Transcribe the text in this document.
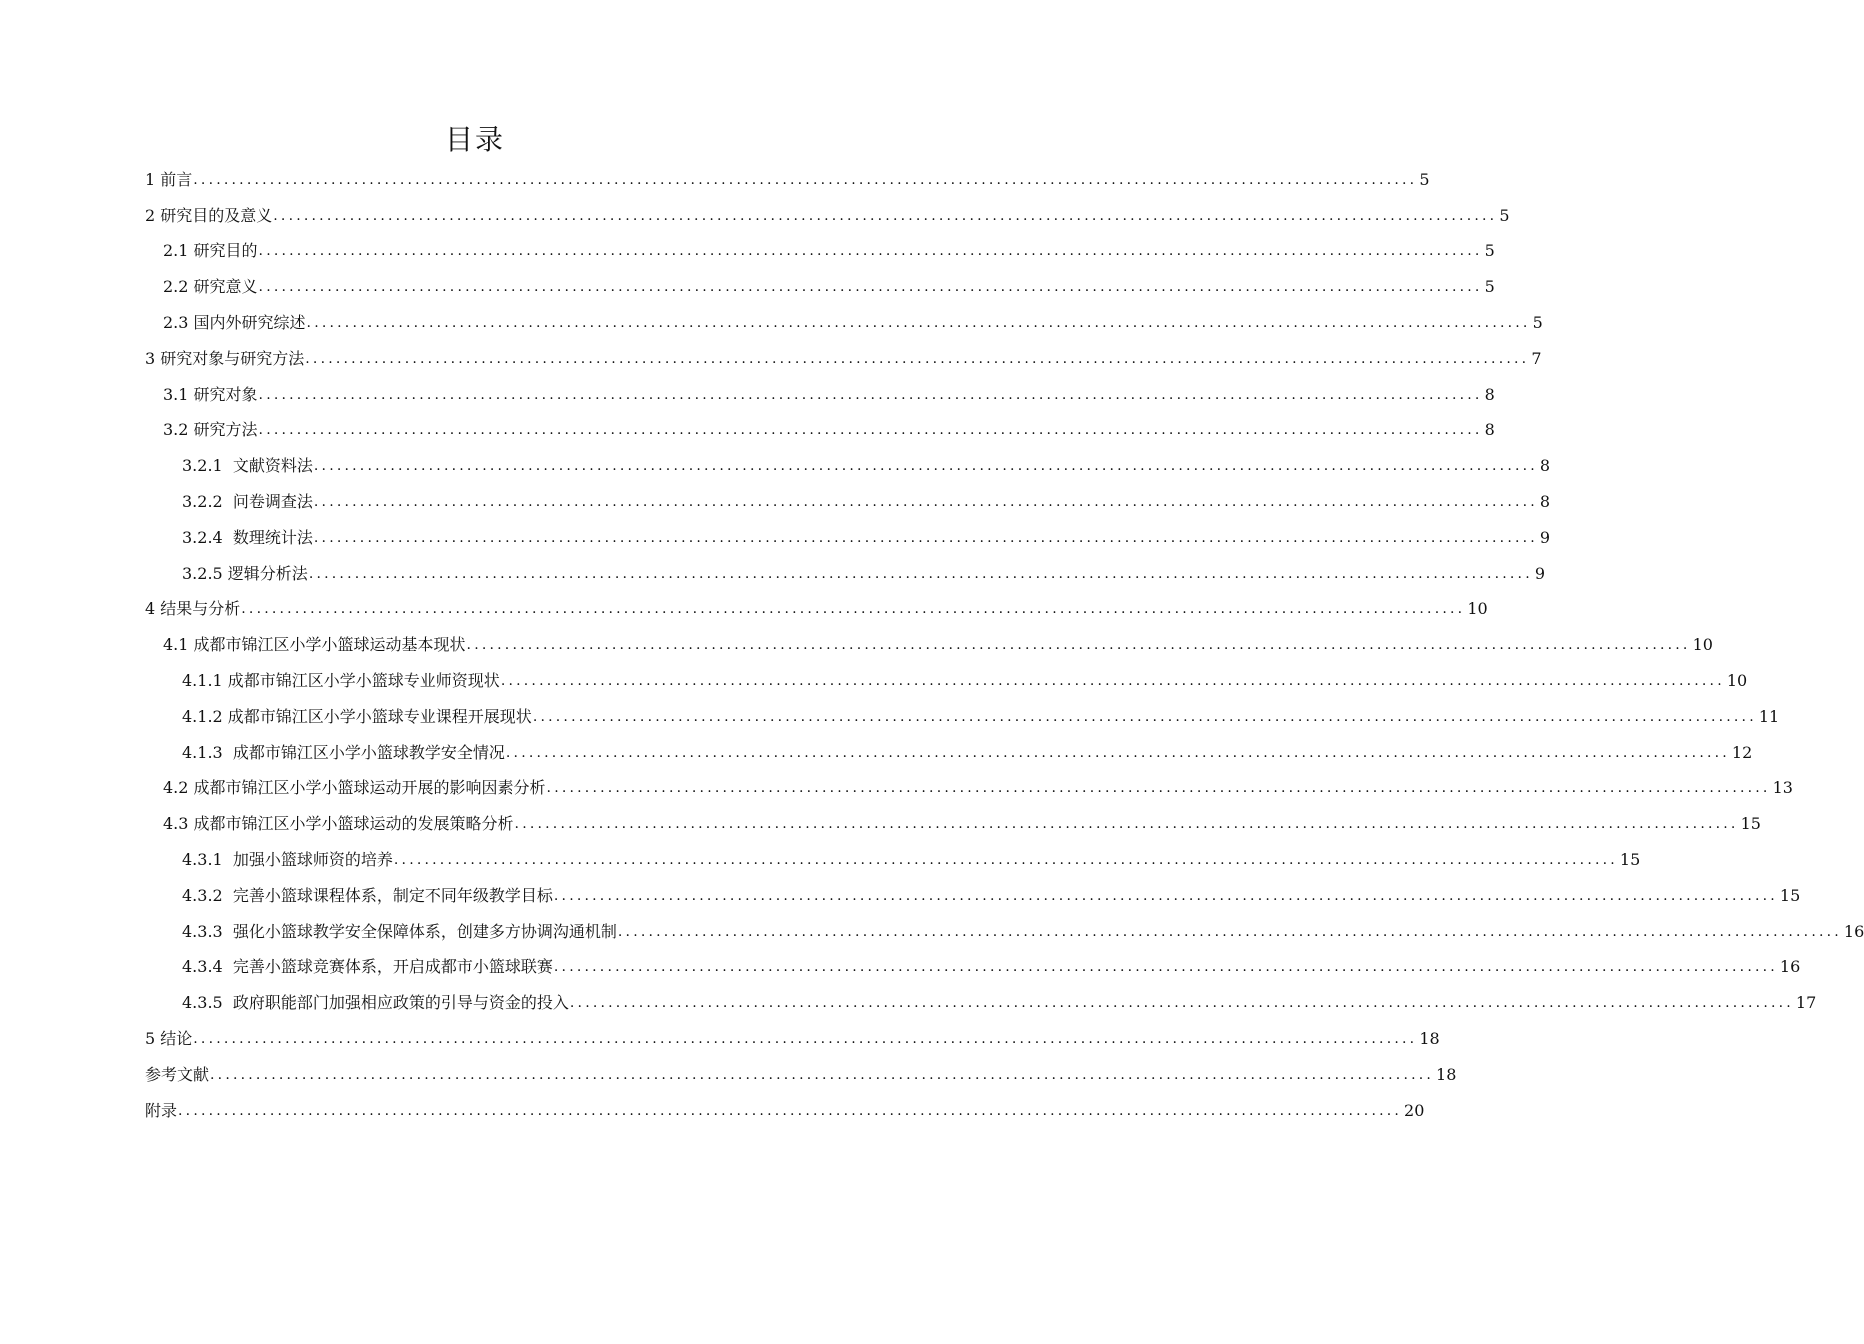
目录
1 前言 ................................................................................................................................................................ 5
2 研究目的及意义 ................................................................................................................................................................ 5
2.1 研究目的 ................................................................................................................................................................ 5
2.2 研究意义 ................................................................................................................................................................ 5
2.3 国内外研究综述 ................................................................................................................................................................ 5
3 研究对象与研究方法 ................................................................................................................................................................ 7
3.1 研究对象 ................................................................................................................................................................ 8
3.2 研究方法 ................................................................................................................................................................ 8
3.2.1  文献资料法 ................................................................................................................................................................ 8
3.2.2  问卷调查法 ................................................................................................................................................................ 8
3.2.4  数理统计法 ................................................................................................................................................................ 9
3.2.5 逻辑分析法 ................................................................................................................................................................ 9
4 结果与分析 ................................................................................................................................................................ 10
4.1 成都市锦江区小学小篮球运动基本现状 ................................................................................................................................................................ 10
4.1.1 成都市锦江区小学小篮球专业师资现状 ................................................................................................................................................................ 10
4.1.2 成都市锦江区小学小篮球专业课程开展现状 ................................................................................................................................................................ 11
4.1.3  成都市锦江区小学小篮球教学安全情况 ................................................................................................................................................................ 12
4.2 成都市锦江区小学小篮球运动开展的影响因素分析 ................................................................................................................................................................ 13
4.3 成都市锦江区小学小篮球运动的发展策略分析 ................................................................................................................................................................ 15
4.3.1  加强小篮球师资的培养 ................................................................................................................................................................ 15
4.3.2  完善小篮球课程体系，制定不同年级教学目标 ................................................................................................................................................................ 15
4.3.3  强化小篮球教学安全保障体系，创建多方协调沟通机制 ................................................................................................................................................................ 16
4.3.4  完善小篮球竞赛体系，开启成都市小篮球联赛 ................................................................................................................................................................ 16
4.3.5  政府职能部门加强相应政策的引导与资金的投入 ................................................................................................................................................................ 17
5 结论 ................................................................................................................................................................ 18
参考文献 ................................................................................................................................................................ 18
附录 ................................................................................................................................................................ 20
